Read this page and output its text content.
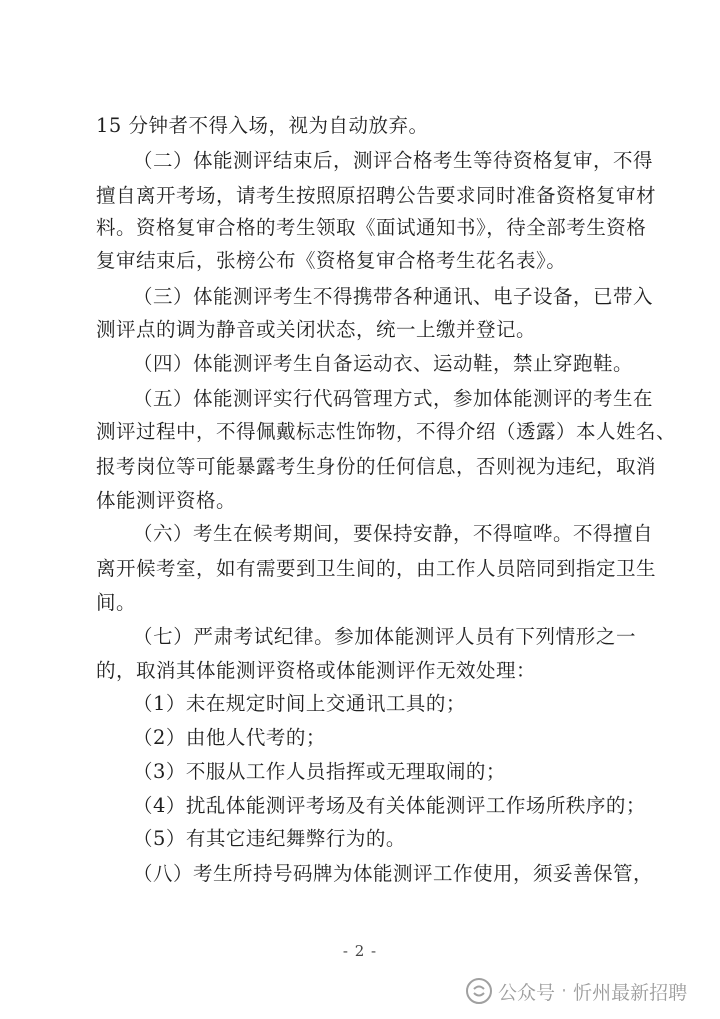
15 分钟者不得入场，视为自动放弃。
（二）体能测评结束后，测评合格考生等待资格复审，不得
擅自离开考场，请考生按照原招聘公告要求同时准备资格复审材
料。资格复审合格的考生领取《面试通知书》，待全部考生资格
复审结束后，张榜公布《资格复审合格考生花名表》。
（三）体能测评考生不得携带各种通讯、电子设备，已带入
测评点的调为静音或关闭状态，统一上缴并登记。
（四）体能测评考生自备运动衣、运动鞋，禁止穿跑鞋。
（五）体能测评实行代码管理方式，参加体能测评的考生在
测评过程中，不得佩戴标志性饰物，不得介绍（透露）本人姓名、
报考岗位等可能暴露考生身份的任何信息，否则视为违纪，取消
体能测评资格。
（六）考生在候考期间，要保持安静，不得喧哗。不得擅自
离开候考室，如有需要到卫生间的，由工作人员陪同到指定卫生
间。
（七）严肃考试纪律。参加体能测评人员有下列情形之一
的，取消其体能测评资格或体能测评作无效处理：
（1）未在规定时间上交通讯工具的；
（2）由他人代考的；
（3）不服从工作人员指挥或无理取闹的；
（4）扰乱体能测评考场及有关体能测评工作场所秩序的；
（5）有其它违纪舞弊行为的。
（八）考生所持号码牌为体能测评工作使用，须妥善保管，
- 2 -
公众号 · 忻州最新招聘
